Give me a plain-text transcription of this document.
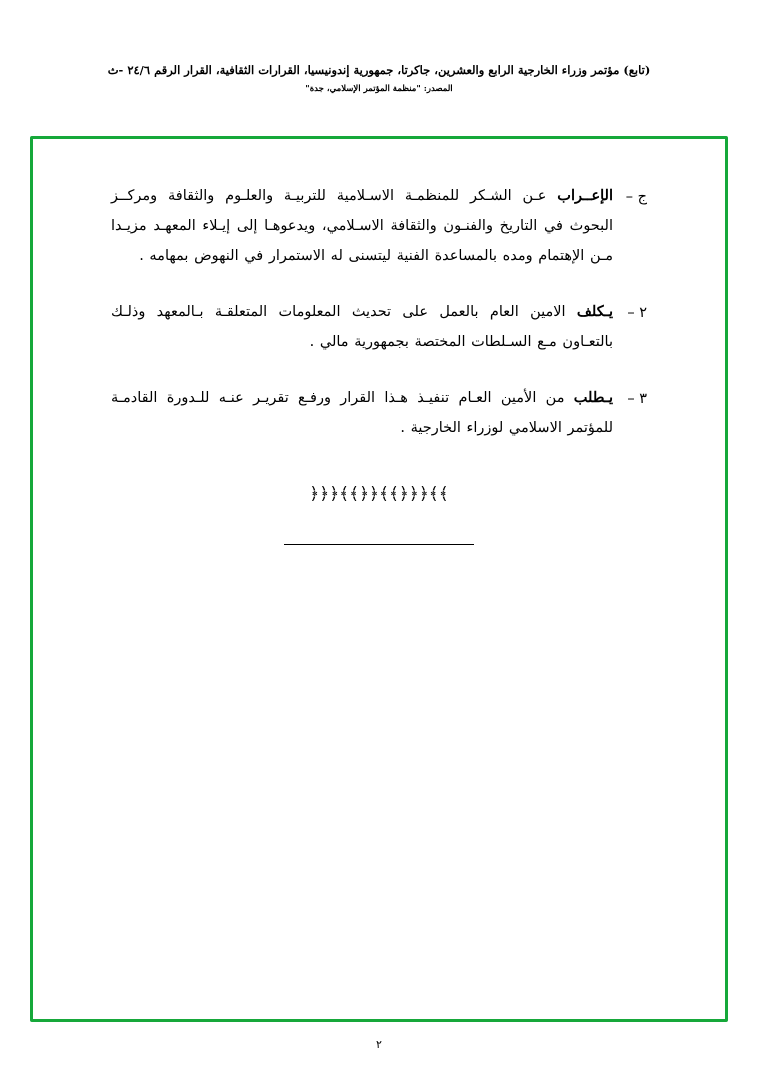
(تابع) مؤتمر وزراء الخارجية الرابع والعشرين، جاكرتا، جمهورية إندونيسيا، القرارات الثقافية، القرار الرقم ٢٤/٦ -ث
المصدر: "منظمة المؤتمر الإسلامي، جدة"
ج –
الإعــراب عـن الشـكر للمنظمـة الاسـلامية للتربيـة والعلـوم والثقافة ومركــز البحوث في التاريخ والفنـون والثقافة الاسـلامي، ويدعوهـا إلى إيـلاء المعهـد مزيـدا مـن الإهتمام ومده بالمساعدة الفنية ليتسنى له الاستمرار في النهوض بمهامه .
٢ –
يـكلف الامين العام بالعمل على تحديث المعلومات المتعلقـة بـالمعهد وذلـك بالتعـاون مـع السـلطات المختصة بجمهورية مالي .
٣ –
يـطلب من الأمين العـام تنفيـذ هـذا القرار ورفـع تقريـر عنـه للـدورة القادمـة للمؤتمر الاسلامي لوزراء الخارجية .
﴿﴿﴿﴾﴾﴿﴿﴾﴾﴿﴿﴿﴾﴾
٢
